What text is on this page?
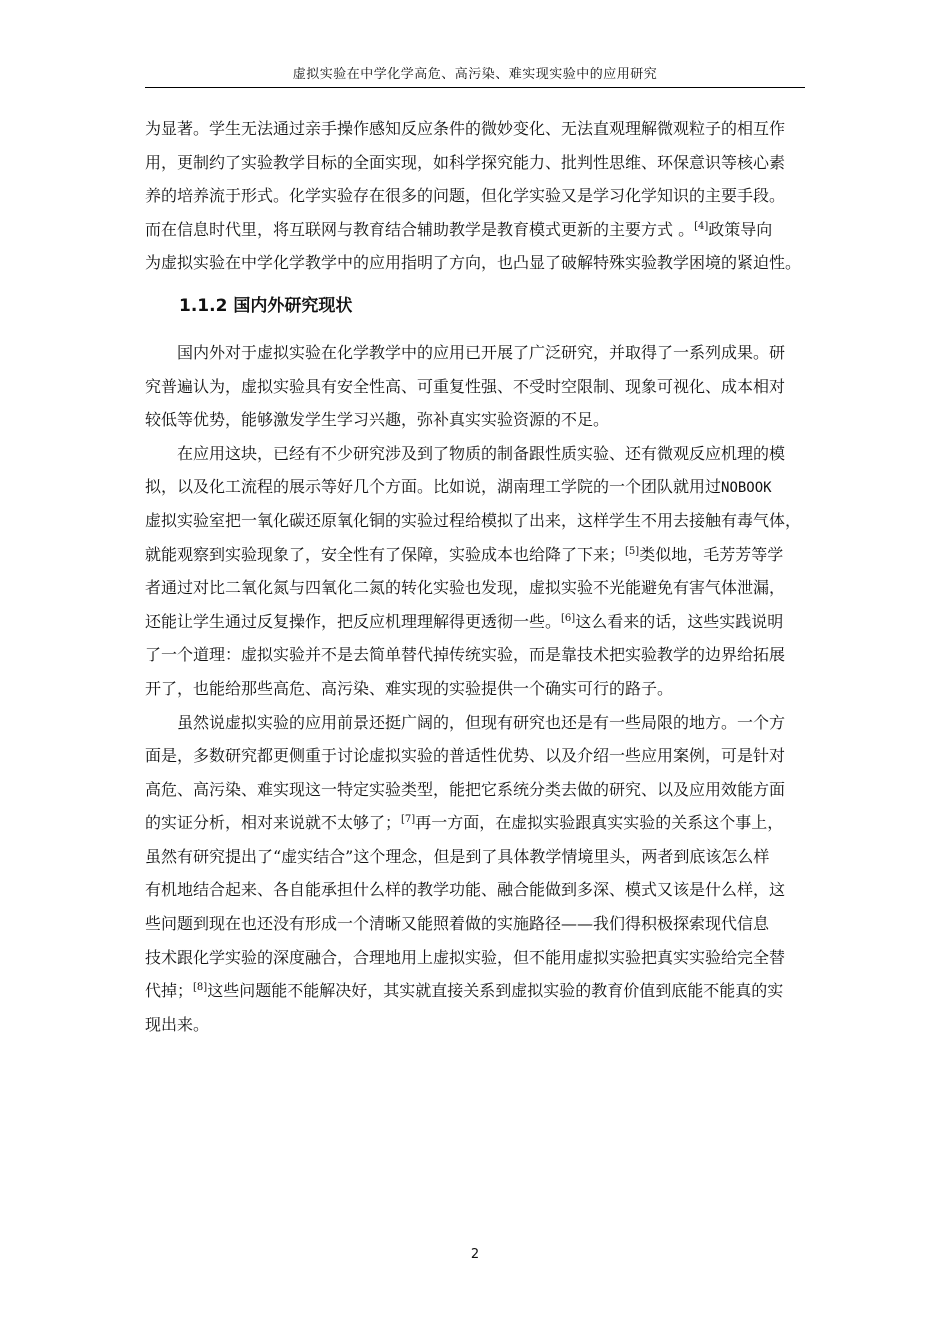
虚拟实验在中学化学高危、高污染、难实现实验中的应用研究
为显著。学生无法通过亲手操作感知反应条件的微妙变化、无法直观理解微观粒子的相互作
用，更制约了实验教学目标的全面实现，如科学探究能力、批判性思维、环保意识等核心素
养的培养流于形式。化学实验存在很多的问题，但化学实验又是学习化学知识的主要手段。
而在信息时代里，将互联网与教育结合辅助教学是教育模式更新的主要方式 。[4]政策导向
为虚拟实验在中学化学教学中的应用指明了方向，也凸显了破解特殊实验教学困境的紧迫性。
1.1.2 国内外研究现状
国内外对于虚拟实验在化学教学中的应用已开展了广泛研究，并取得了一系列成果。研
究普遍认为，虚拟实验具有安全性高、可重复性强、不受时空限制、现象可视化、成本相对
较低等优势，能够激发学生学习兴趣，弥补真实实验资源的不足。
在应用这块，已经有不少研究涉及到了物质的制备跟性质实验、还有微观反应机理的模
拟，以及化工流程的展示等好几个方面。比如说，湖南理工学院的一个团队就用过NOBOOK
虚拟实验室把一氧化碳还原氧化铜的实验过程给模拟了出来，这样学生不用去接触有毒气体，
就能观察到实验现象了，安全性有了保障，实验成本也给降了下来；[5]类似地，毛芳芳等学
者通过对比二氧化氮与四氧化二氮的转化实验也发现，虚拟实验不光能避免有害气体泄漏，
还能让学生通过反复操作，把反应机理理解得更透彻一些。[6]这么看来的话，这些实践说明
了一个道理：虚拟实验并不是去简单替代掉传统实验，而是靠技术把实验教学的边界给拓展
开了，也能给那些高危、高污染、难实现的实验提供一个确实可行的路子。
虽然说虚拟实验的应用前景还挺广阔的，但现有研究也还是有一些局限的地方。一个方
面是，多数研究都更侧重于讨论虚拟实验的普适性优势、以及介绍一些应用案例，可是针对
高危、高污染、难实现这一特定实验类型，能把它系统分类去做的研究、以及应用效能方面
的实证分析，相对来说就不太够了；[7]再一方面，在虚拟实验跟真实实验的关系这个事上，
虽然有研究提出了“虚实结合”这个理念，但是到了具体教学情境里头，两者到底该怎么样
有机地结合起来、各自能承担什么样的教学功能、融合能做到多深、模式又该是什么样，这
些问题到现在也还没有形成一个清晰又能照着做的实施路径——我们得积极探索现代信息
技术跟化学实验的深度融合，合理地用上虚拟实验，但不能用虚拟实验把真实实验给完全替
代掉；[8]这些问题能不能解决好，其实就直接关系到虚拟实验的教育价值到底能不能真的实
现出来。
2
